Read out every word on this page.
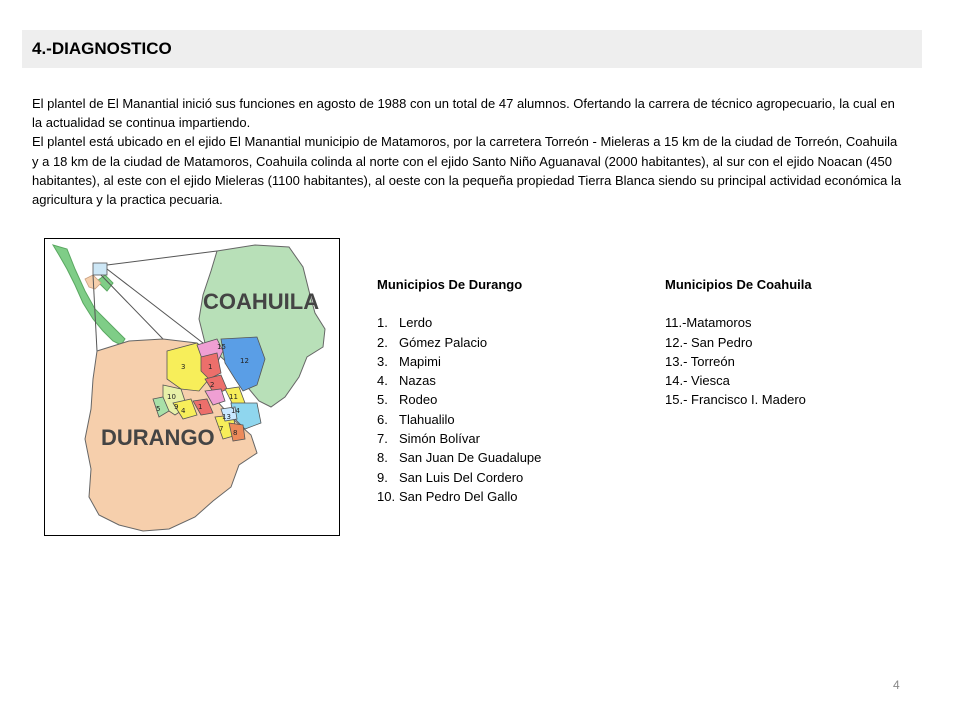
4.-DIAGNOSTICO

El plantel de El Manantial inició sus funciones en agosto de 1988 con un total de 47 alumnos. Ofertando la carrera de técnico agropecuario, la cual en la actualidad se continua impartiendo.

El plantel está ubicado en el ejido El Manantial municipio de Matamoros, por la carretera Torreón - Mieleras a 15 km de la ciudad de Torreón, Coahuila y a 18 km de la ciudad de Matamoros, Coahuila colinda al norte con el ejido Santo Niño Aguanaval (2000 habitantes), al sur con el ejido Noacan (450 habitantes), al este con el ejido Mieleras (1100 habitantes), al oeste con la pequeña propiedad Tierra Blanca siendo su principal actividad económica la agricultura y la practica pecuaria.

COAHUILA
DURANGO
15
1
12
3
2
11
10
14
9 4
5	1
13
7 8
Municipios De Durango
1. Lerdo
2. Gómez Palacio
3. Mapimi
4. Nazas
5. Rodeo
6. Tlahualilo
7. Simón Bolívar
8. San Juan De Guadalupe
9. San Luis Del Cordero
10. San Pedro Del Gallo
Municipios De Coahuila
11.-Matamoros
12.- San Pedro
13.- Torreón
14.- Viesca
15.- Francisco I. Madero
4
